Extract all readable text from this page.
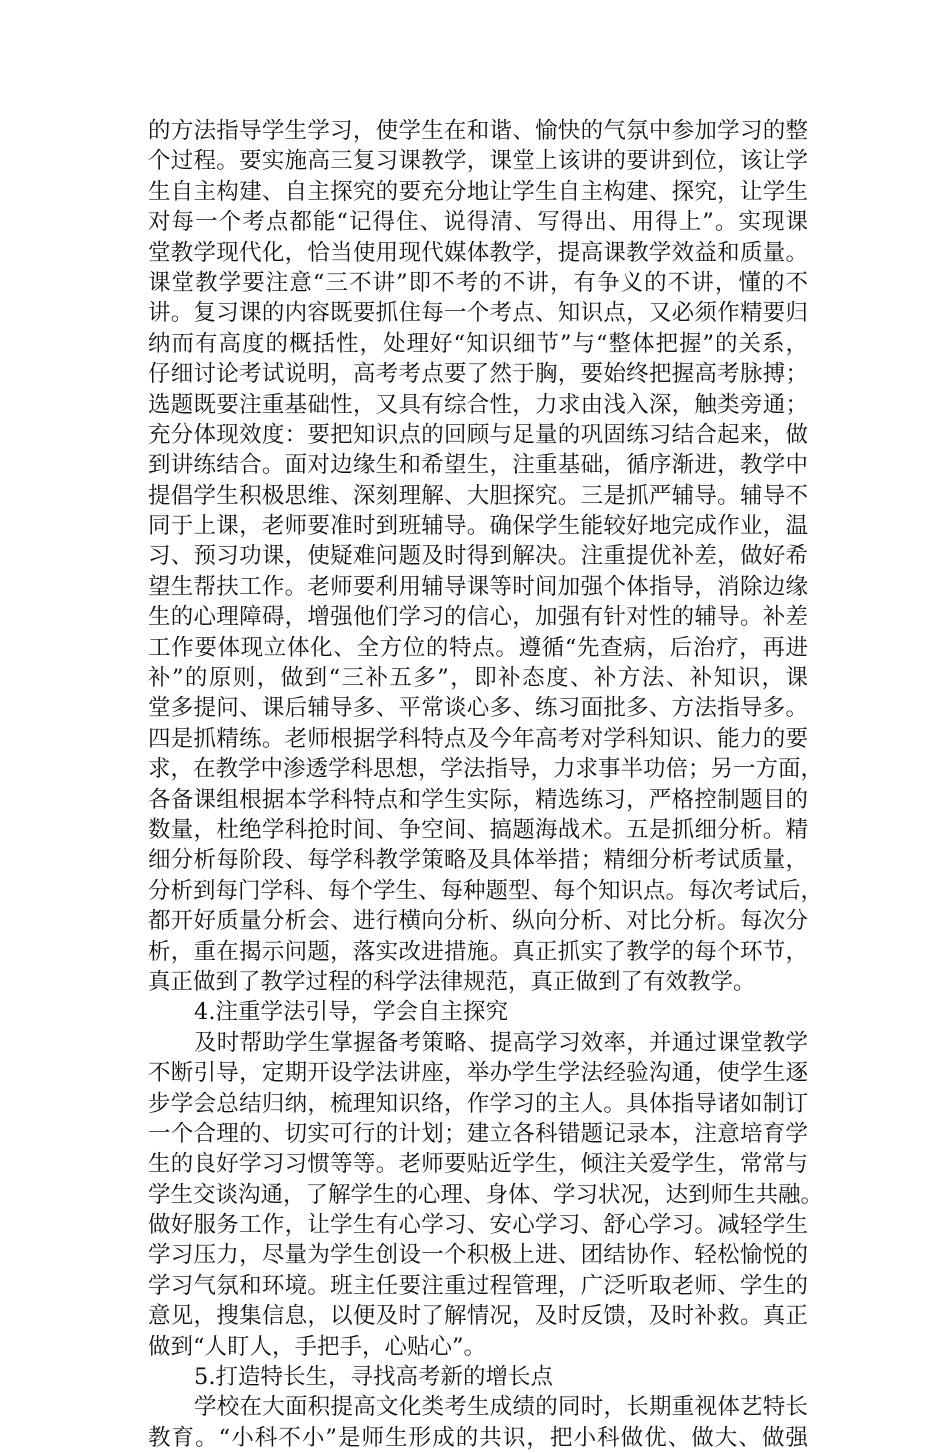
的方法指导学生学习，使学生在和谐、愉快的气氛中参加学习的整
个过程。要实施高三复习课教学，课堂上该讲的要讲到位，该让学
生自主构建、自主探究的要充分地让学生自主构建、探究，让学生
对每一个考点都能“记得住、说得清、写得出、用得上”。实现课
堂教学现代化，恰当使用现代媒体教学，提高课教学效益和质量。
课堂教学要注意“三不讲”即不考的不讲，有争义的不讲，懂的不
讲。复习课的内容既要抓住每一个考点、知识点，又必须作精要归
纳而有高度的概括性，处理好“知识细节”与“整体把握”的关系，
仔细讨论考试说明，高考考点要了然于胸，要始终把握高考脉搏；
选题既要注重基础性，又具有综合性，力求由浅入深，触类旁通；
充分体现效度：要把知识点的回顾与足量的巩固练习结合起来，做
到讲练结合。面对边缘生和希望生，注重基础，循序渐进，教学中
提倡学生积极思维、深刻理解、大胆探究。三是抓严辅导。辅导不
同于上课，老师要准时到班辅导。确保学生能较好地完成作业，温
习、预习功课，使疑难问题及时得到解决。注重提优补差，做好希
望生帮扶工作。老师要利用辅导课等时间加强个体指导，消除边缘
生的心理障碍，增强他们学习的信心，加强有针对性的辅导。补差
工作要体现立体化、全方位的特点。遵循“先查病，后治疗，再进
补”的原则，做到“三补五多”，即补态度、补方法、补知识，课
堂多提问、课后辅导多、平常谈心多、练习面批多、方法指导多。
四是抓精练。老师根据学科特点及今年高考对学科知识、能力的要
求，在教学中渗透学科思想，学法指导，力求事半功倍；另一方面，
各备课组根据本学科特点和学生实际，精选练习，严格控制题目的
数量，杜绝学科抢时间、争空间、搞题海战术。五是抓细分析。精
细分析每阶段、每学科教学策略及具体举措；精细分析考试质量，
分析到每门学科、每个学生、每种题型、每个知识点。每次考试后，
都开好质量分析会、进行横向分析、纵向分析、对比分析。每次分
析，重在揭示问题，落实改进措施。真正抓实了教学的每个环节，
真正做到了教学过程的科学法律规范，真正做到了有效教学。
4.注重学法引导，学会自主探究
及时帮助学生掌握备考策略、提高学习效率，并通过课堂教学
不断引导，定期开设学法讲座，举办学生学法经验沟通，使学生逐
步学会总结归纳，梳理知识络，作学习的主人。具体指导诸如制订
一个合理的、切实可行的计划；建立各科错题记录本，注意培育学
生的良好学习习惯等等。老师要贴近学生，倾注关爱学生，常常与
学生交谈沟通，了解学生的心理、身体、学习状况，达到师生共融。
做好服务工作，让学生有心学习、安心学习、舒心学习。减轻学生
学习压力，尽量为学生创设一个积极上进、团结协作、轻松愉悦的
学习气氛和环境。班主任要注重过程管理，广泛听取老师、学生的
意见，搜集信息，以便及时了解情况，及时反馈，及时补救。真正
做到“人盯人，手把手，心贴心”。
5.打造特长生，寻找高考新的增长点
学校在大面积提高文化类考生成绩的同时，长期重视体艺特长
教育。“小科不小”是师生形成的共识，把小科做优、做大、做强
